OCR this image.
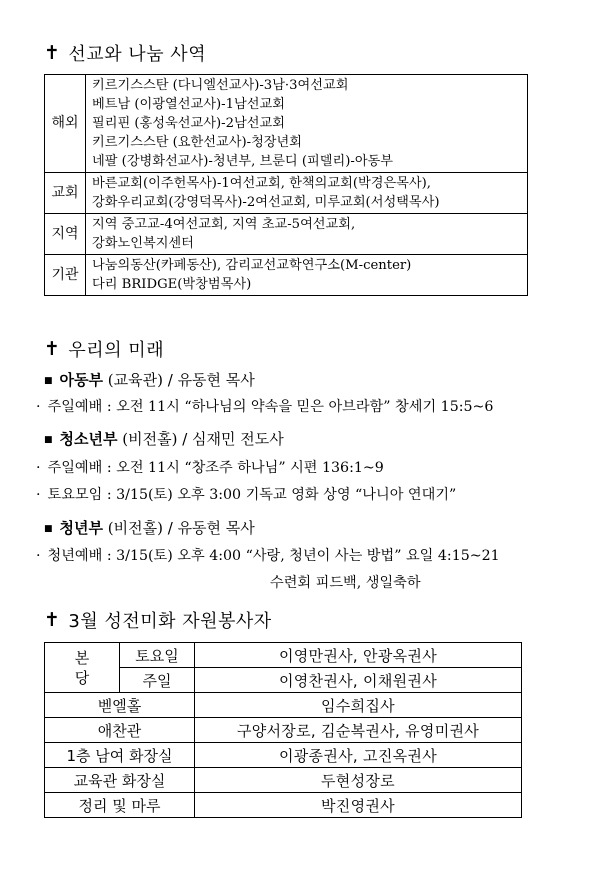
✝ 선교와 나눔 사역
해외	키르기스스탄 (다니엘선교사)-3남·3여선교회
베트남 (이광열선교사)-1남선교회
필리핀 (홍성욱선교사)-2남선교회
키르기스스탄 (요한선교사)-청장년회
네팔 (강병화선교사)-청년부, 브룬디 (피델리)-아동부

교회	바른교회(이주헌목사)-1여선교회, 한책의교회(박경은목사),
강화우리교회(강영덕목사)-2여선교회, 미루교회(서성택목사)

지역	지역 중고교-4여선교회, 지역 초교-5여선교회,
강화노인복지센터

기관	나눔의동산(카페동산), 감리교선교학연구소(M-center)
다리 BRIDGE(박창범목사)
✝ 우리의 미래
■ 아동부 (교육관) / 유동현 목사
· 주일예배 : 오전 11시 “하나님의 약속을 믿은 아브라함” 창세기 15:5~6
■ 청소년부 (비전홀) / 심재민 전도사
· 주일예배 : 오전 11시 “창조주 하나님” 시편 136:1~9
· 토요모임 : 3/15(토) 오후 3:00 기독교 영화 상영 “나니아 연대기”
■ 청년부 (비전홀) / 유동현 목사
· 청년예배 : 3/15(토) 오후 4:00 “사랑, 청년이 사는 방법” 요일 4:15~21
수련회 피드백, 생일축하
✝ 3월 성전미화 자원봉사자
본
당	토요일	이영만권사, 안광옥권사
	주일	이영찬권사, 이채원권사
벧엘홀		임수희집사
애찬관		구양서장로, 김순복권사, 유영미권사
1층 남여 화장실		이광종권사, 고진옥권사
교육관 화장실		두현성장로
정리 및 마루		박진영권사
